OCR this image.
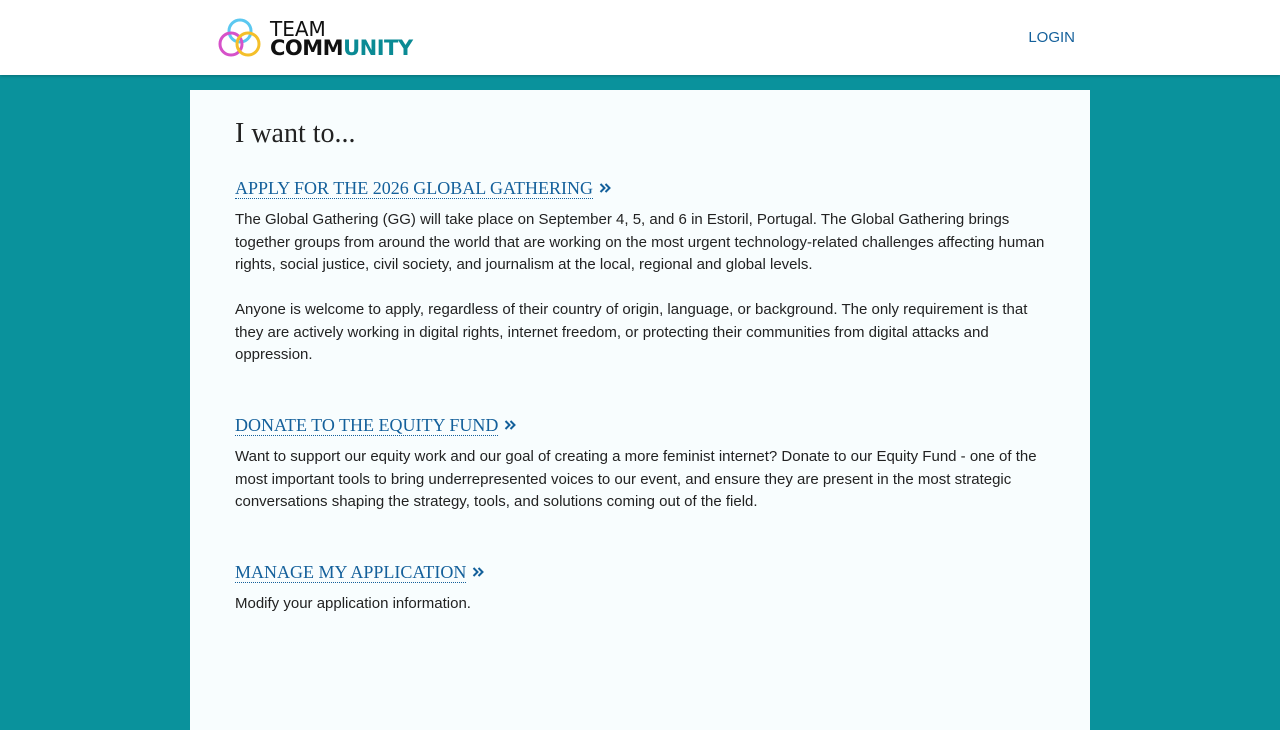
TEAM
COMMUNITY	LOGIN
I want to...
APPLY FOR THE 2026 GLOBAL GATHERING

The Global Gathering (GG) will take place on September 4, 5, and 6 in Estoril, Portugal. The Global Gathering brings together groups from around the world that are working on the most urgent technology-related challenges affecting human rights, social justice, civil society, and journalism at the local, regional and global levels.

Anyone is welcome to apply, regardless of their country of origin, language, or background. The only requirement is that they are actively working in digital rights, internet freedom, or protecting their communities from digital attacks and oppression.

DONATE TO THE EQUITY FUND

Want to support our equity work and our goal of creating a more feminist internet? Donate to our Equity Fund - one of the most important tools to bring underrepresented voices to our event, and ensure they are present in the most strategic conversations shaping the strategy, tools, and solutions coming out of the field.

MANAGE MY APPLICATION

Modify your application information.
